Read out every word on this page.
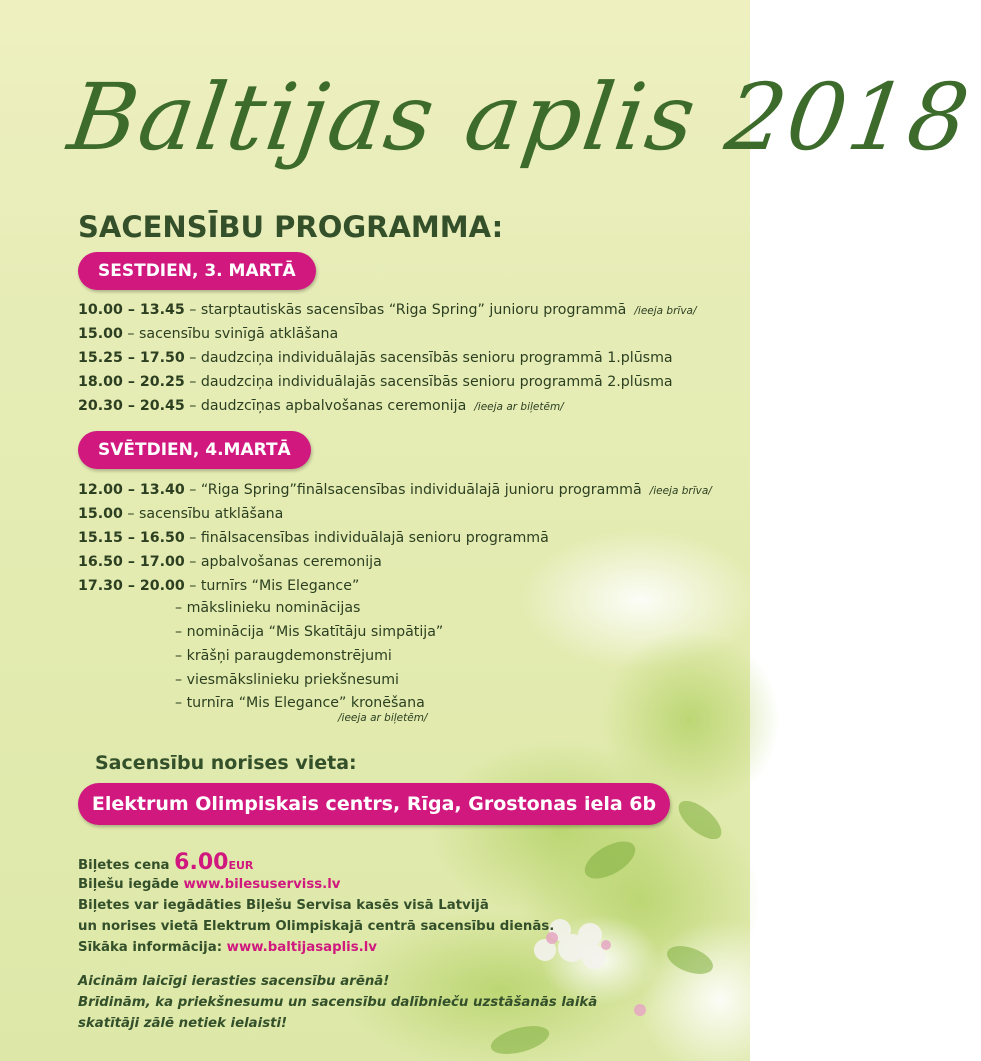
Baltijas aplis 2018
SACENSĪBU PROGRAMMA:
SESTDIEN, 3. MARTĀ
10.00 – 13.45 – starptautiskās sacensības “Riga Spring” junioru programmā /ieeja brīva/
15.00 – sacensību svinīgā atklāšana
15.25 – 17.50 – daudzciņa individuālajās sacensībās senioru programmā 1.plūsma
18.00 – 20.25 – daudzciņa individuālajās sacensībās senioru programmā 2.plūsma
20.30 – 20.45 – daudzcīņas apbalvošanas ceremonija /ieeja ar biļetēm/
SVĒTDIEN, 4.MARTĀ
12.00 – 13.40 – “Riga Spring”finālsacensības individuālajā junioru programmā /ieeja brīva/
15.00 – sacensību atklāšana
15.15 – 16.50 – finālsacensības individuālajā senioru programmā
16.50 – 17.00 – apbalvošanas ceremonija
17.30 – 20.00 – turnīrs “Mis Elegance”
– mākslinieku nominācijas
– nominācija “Mis Skatītāju simpātija”
– krāšņi paraugdemonstrējumi
– viesmākslinieku priekšnesumi
– turnīra “Mis Elegance” kronēšana
/ieeja ar biļetēm/
Sacensību norises vieta:
Elektrum Olimpiskais centrs, Rīga, Grostonas iela 6b
Biļetes cena 6.00EUR
Biļešu iegāde www.bilesuserviss.lv
Biļetes var iegādāties Biļešu Servisa kasēs visā Latvijā
un norises vietā Elektrum Olimpiskajā centrā sacensību dienās.
Sīkāka informācija: www.baltijasaplis.lv
Aicinām laicīgi ierasties sacensību arēnā!
Brīdinām, ka priekšnesumu un sacensību dalībnieču uzstāšanās laikā
skatītāji zālē netiek ielaisti!
